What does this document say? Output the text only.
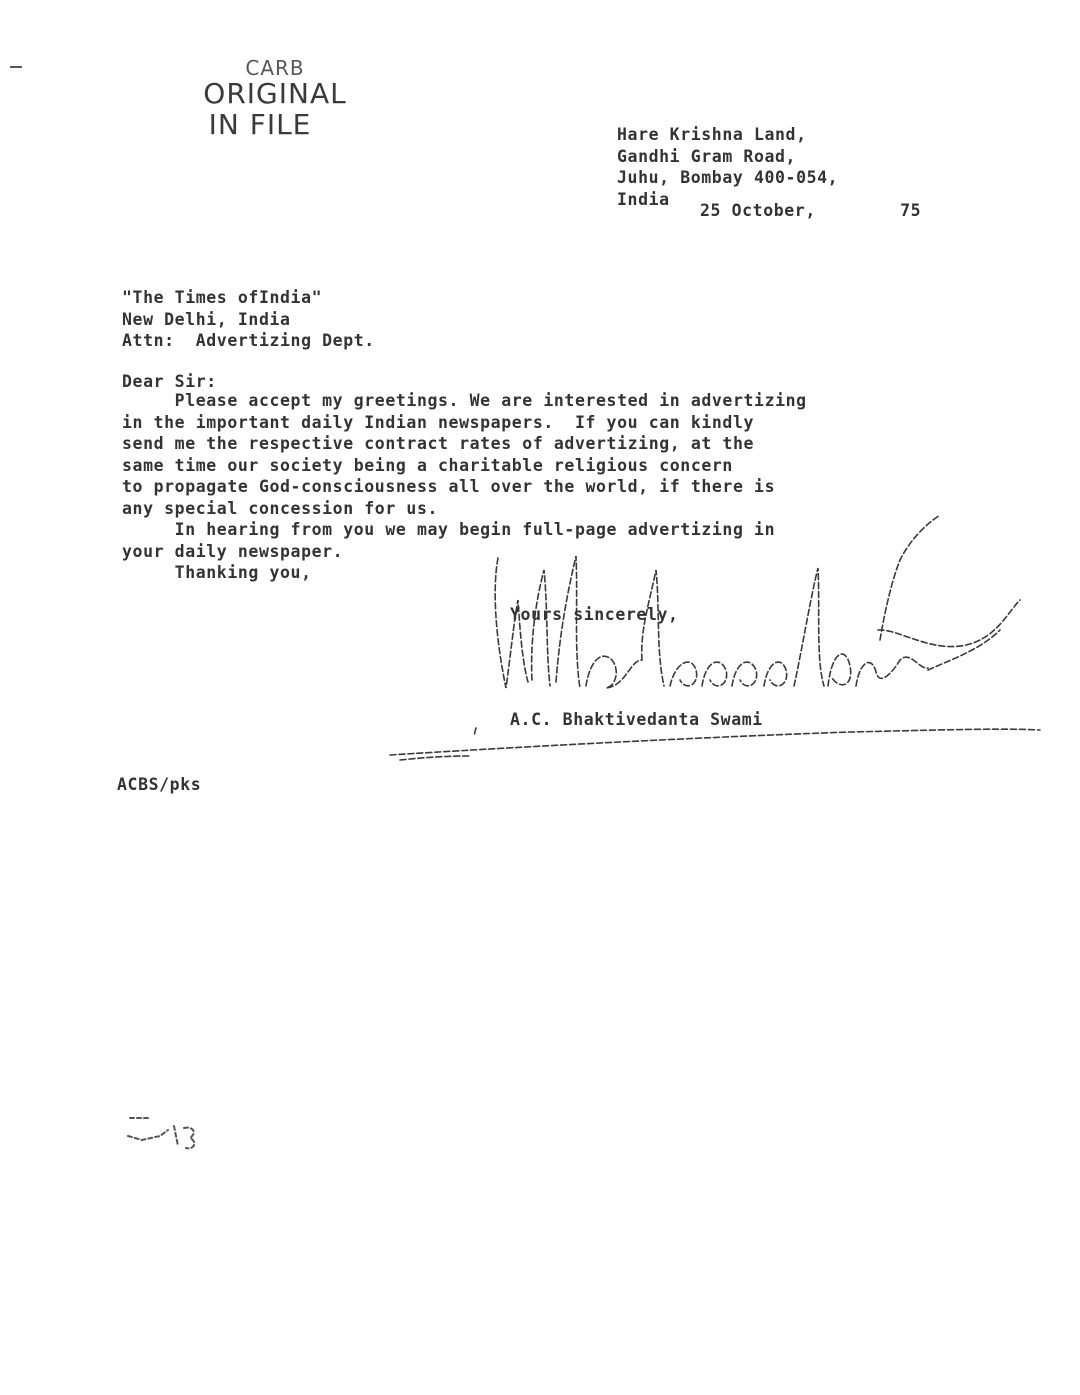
CARB
ORIGINAL
IN FILE	Hare Krishna Land,
Gandhi Gram Road,
Juhu, Bombay 400-054,
India
25 October,        75
"The Times ofIndia"
New Delhi, India
Attn:  Advertizing Dept.
Dear Sir:
Please accept my greetings. We are interested in advertizing
in the important daily Indian newspapers.  If you can kindly
send me the respective contract rates of advertizing, at the
same time our society being a charitable religious concern
to propagate God-consciousness all over the world, if there is
any special concession for us.
In hearing from you we may begin full-page advertizing in
your daily newspaper.
Thanking you,
Yours sincerely,
A.C. Bhaktivedanta Swami
ACBS/pks
